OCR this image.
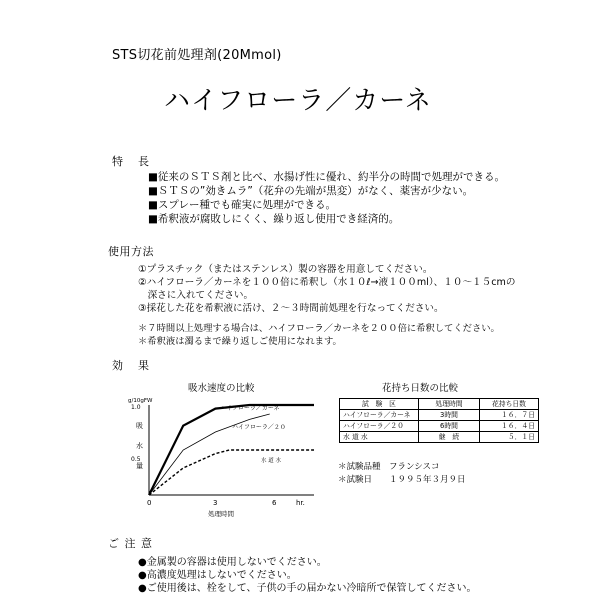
STS切花前処理剤(20Mmol)
ハイフローラ／カーネ
特　長
■従来のＳＴＳ剤と比べ、水揚げ性に優れ、約半分の時間で処理ができる。
■ＳＴＳの”効きムラ”（花弁の先端が黒変）がなく、薬害が少ない。
■スプレー種でも確実に処理ができる。
■希釈液が腐敗しにくく、繰り返し使用でき経済的。
使用方法
①プラスチック（またはステンレス）製の容器を用意してください。
②ハイフローラ／カーネを１００倍に希釈し（水１０ℓ→液１００ml）、１０～１５cmの
　深さに入れてください。
③採花した花を希釈液に活け、２～３時間前処理を行なってください。
＊７時間以上処理する場合は、ハイフローラ／カーネを２００倍に希釈してください。
＊希釈液は濁るまで繰り返しご使用になれます。
効　果
吸水速度の比較
g/10gFW
1.0
0.5
吸水量
0	3	6	hr.
処理時間
ハイフローラ／カーネ
ハイフローラ／２０
水 道 水
花持ち日数の比較
試　験　区	処理時間	花持ち日数
ハイフローラ／カーネ	3時間	１６．７日
ハイフローラ／２０	6時間	１６．４日
水 道 水	継　続	５．１日
＊試験品種　フランシスコ
＊試験日　　１９９５年３月９日
ご 注 意
●金属製の容器は使用しないでください。
●高濃度処理はしないでください。
●ご使用後は、栓をして、子供の手の届かない冷暗所で保管してください。
